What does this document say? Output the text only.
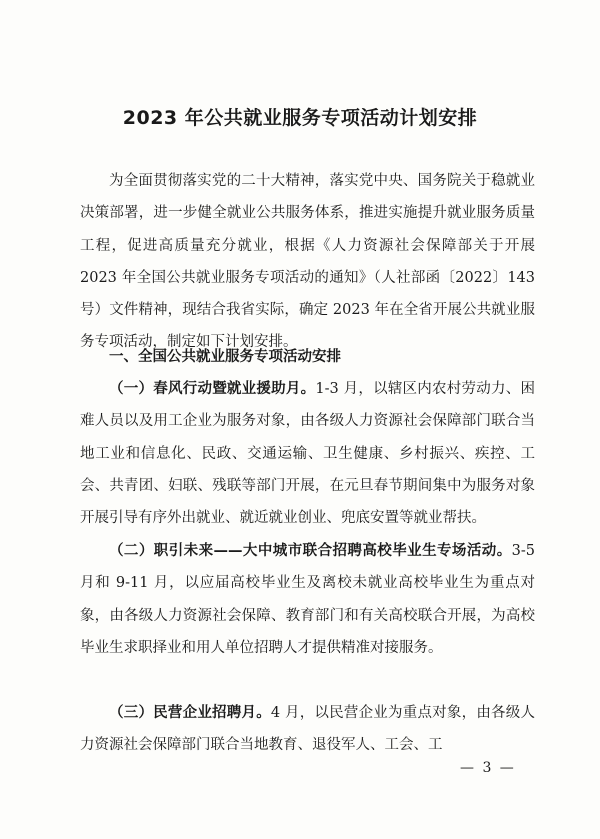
2023 年公共就业服务专项活动计划安排

为全面贯彻落实党的二十大精神，落实党中央、国务院关于稳就业决策部署，进一步健全就业公共服务体系，推进实施提升就业服务质量工程，促进高质量充分就业，根据《人力资源社会保障部关于开展 2023 年全国公共就业服务专项活动的通知》（人社部函〔2022〕143 号）文件精神，现结合我省实际，确定 2023 年在全省开展公共就业服务专项活动，制定如下计划安排。

一、全国公共就业服务专项活动安排

（一）春风行动暨就业援助月。1-3 月，以辖区内农村劳动力、困难人员以及用工企业为服务对象，由各级人力资源社会保障部门联合当地工业和信息化、民政、交通运输、卫生健康、乡村振兴、疾控、工会、共青团、妇联、残联等部门开展，在元旦春节期间集中为服务对象开展引导有序外出就业、就近就业创业、兜底安置等就业帮扶。

（二）职引未来——大中城市联合招聘高校毕业生专场活动。3-5 月和 9-11 月，以应届高校毕业生及离校未就业高校毕业生为重点对象，由各级人力资源社会保障、教育部门和有关高校联合开展，为高校毕业生求职择业和用人单位招聘人才提供精准对接服务。

（三）民营企业招聘月。4 月，以民营企业为重点对象，由各级人力资源社会保障部门联合当地教育、退役军人、工会、工

— 3 —
